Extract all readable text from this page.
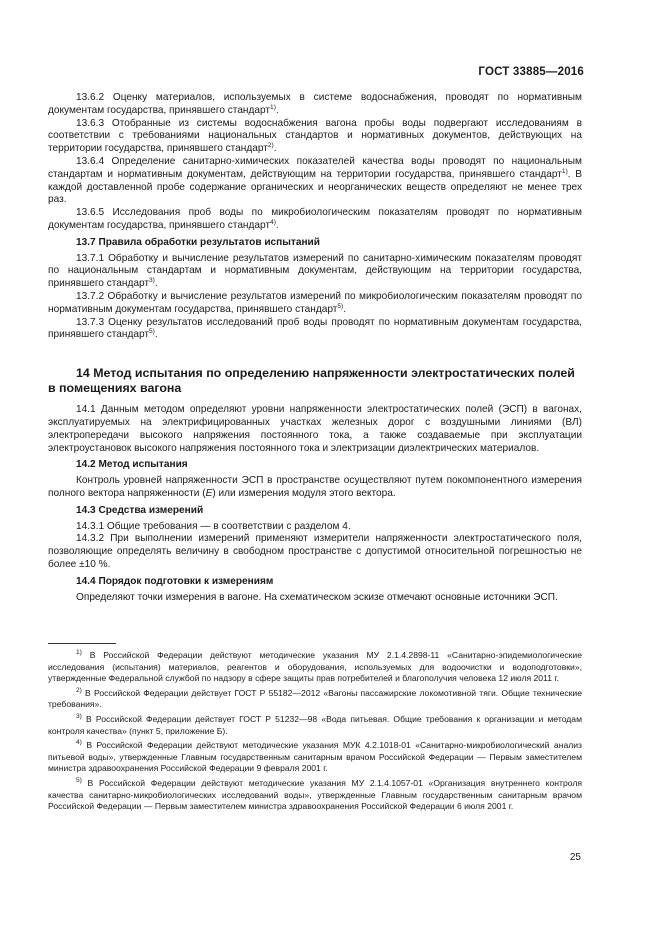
ГОСТ 33885—2016

13.6.2 Оценку материалов, используемых в системе водоснабжения, проводят по нормативным документам государства, принявшего стандарт$^{1)}$.

13.6.3 Отобранные из системы водоснабжения вагона пробы воды подвергают исследованиям в соответствии с требованиями национальных стандартов и нормативных документов, действующих на территории государства, принявшего стандарт$^{2)}$.

13.6.4 Определение санитарно-химических показателей качества воды проводят по национальным стандартам и нормативным документам, действующим на территории государства, принявшего стандарт$^{1)}$. В каждой доставленной пробе содержание органических и неорганических веществ определяют не менее трех раз.

13.6.5 Исследования проб воды по микробиологическим показателям проводят по нормативным документам государства, принявшего стандарт$^{4)}$.

13.7 Правила обработки результатов испытаний

13.7.1 Обработку и вычисление результатов измерений по санитарно-химическим показателям проводят по национальным стандартам и нормативным документам, действующим на территории государства, принявшего стандарт$^{3)}$.

13.7.2 Обработку и вычисление результатов измерений по микробиологическим показателям проводят по нормативным документам государства, принявшего стандарт$^{5)}$.

13.7.3 Оценку результатов исследований проб воды проводят по нормативным документам государства, принявшего стандарт$^{5)}$.

14 Метод испытания по определению напряженности электростатических полей в помещениях вагона

14.1 Данным методом определяют уровни напряженности электростатических полей (ЭСП) в вагонах, эксплуатируемых на электрифицированных участках железных дорог с воздушными линиями (ВЛ) электропередачи высокого напряжения постоянного тока, а также создаваемые при эксплуатации электроустановок высокого напряжения постоянного тока и электризации диэлектрических материалов.

14.2 Метод испытания

Контроль уровней напряженности ЭСП в пространстве осуществляют путем покомпонентного измерения полного вектора напряженности (E) или измерения модуля этого вектора.

14.3 Средства измерений

14.3.1 Общие требования — в соответствии с разделом 4.

14.3.2 При выполнении измерений применяют измерители напряженности электростатического поля, позволяющие определять величину в свободном пространстве с допустимой относительной погрешностью не более ±10 %.

14.4 Порядок подготовки к измерениям

Определяют точки измерения в вагоне. На схематическом эскизе отмечают основные источники ЭСП.

$^{1)}$ В Российской Федерации действуют методические указания МУ 2.1.4.2898-11 «Санитарно-эпидемиологические исследования (испытания) материалов, реагентов и оборудования, используемых для водоочистки и водоподготовки», утвержденные Федеральной службой по надзору в сфере защиты прав потребителей и благополучия человека 12 июля 2011 г.

$^{2)}$ В Российской Федерации действует ГОСТ Р 55182—2012 «Вагоны пассажирские локомотивной тяги. Общие технические требования».

$^{3)}$ В Российской Федерации действует ГОСТ Р 51232—98 «Вода питьевая. Общие требования к организации и методам контроля качества» (пункт 5, приложение Б).

$^{4)}$ В Российской Федерации действуют методические указания МУК 4.2.1018-01 «Санитарно-микробиологический анализ питьевой воды», утвержденные Главным государственным санитарным врачом Российской Федерации — Первым заместителем министра здравоохранения Российской Федерации 9 февраля 2001 г.

$^{5)}$ В Российской Федерации действуют методические указания МУ 2.1.4.1057-01 «Организация внутреннего контроля качества санитарно-микробиологических исследований воды», утвержденные Главным государственным санитарным врачом Российской Федерации — Первым заместителем министра здравоохранения Российской Федерации 6 июля 2001 г.

25
